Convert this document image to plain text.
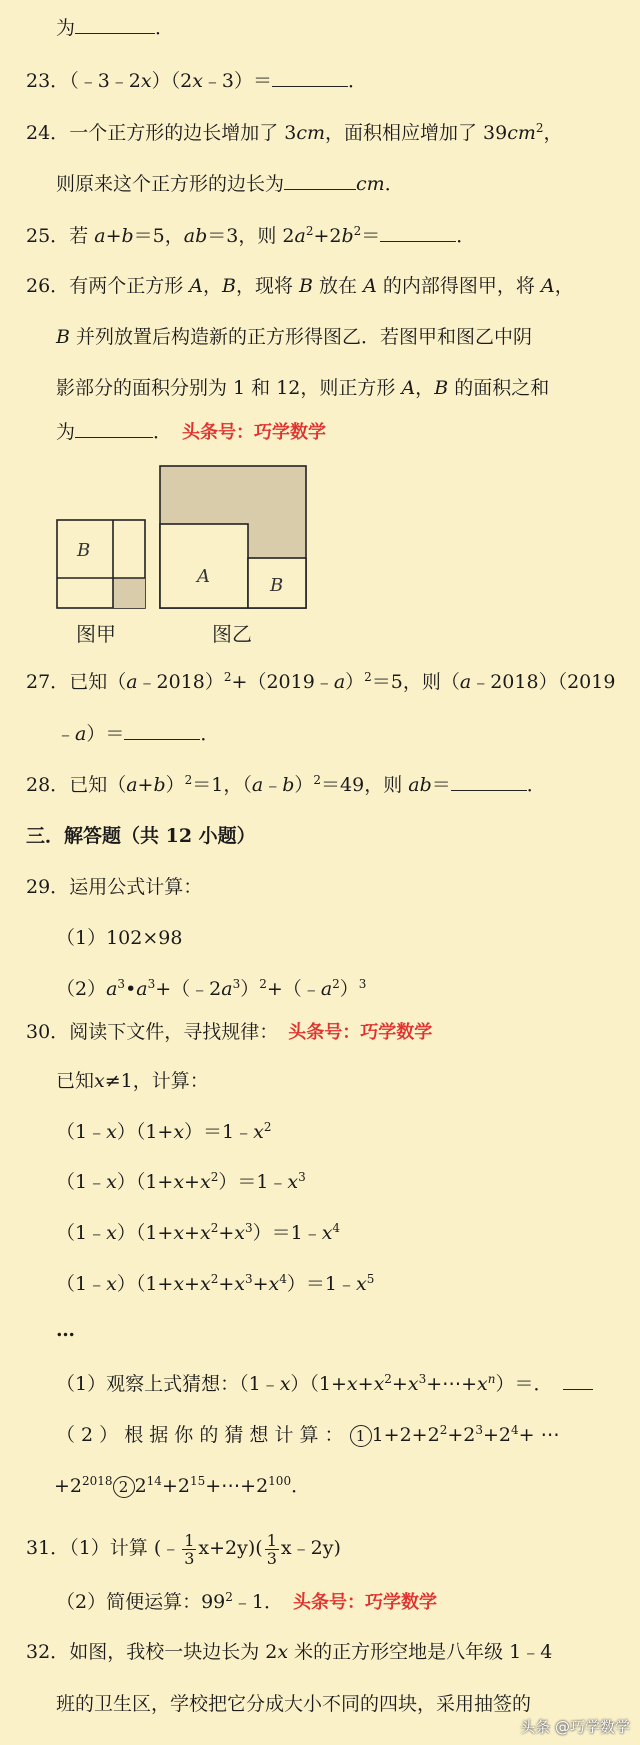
为	．
23．（﹣3﹣2x）（2x﹣3）＝	．
24．一个正方形的边长增加了 3cm，面积相应增加了 $39cm^2$，
则原来这个正方形的边长为	cm．
25．若 a+b＝5，ab＝3，则 $2a^2+2b^2=$	．
26．有两个正方形 A，B，现将 B 放在 A 的内部得图甲，将 A，
B 并列放置后构造新的正方形得图乙．若图甲和图乙中阴
影部分的面积分别为 1 和 12，则正方形 A，B 的面积之和
为	． 头条号：巧学数学
B
A	B
图甲	图乙
27．已知（a﹣2018）$^2$+（2019﹣a）$^2$＝5，则（a﹣2018）（2019
﹣a）＝	．
28．已知$(a+b)^2=1$，（a﹣b）$^2$＝49，则 ab＝	．
三．解答题（共 12 小题）
29．运用公式计算：
（1）102×98
$(2)a^3•a^3+(﹣2a^3)^2+(﹣a^2)^3$
30．阅读下文件，寻找规律： 头条号：巧学数学
已知x≠1，计算：
$(1﹣x)(1+x)=1﹣x^2$
$(1﹣x)(1+x+x^2)=1﹣x^3$
$(1﹣x)(1+x+x^2+x^3)=1﹣x^4$
$(1﹣x)(1+x+x^2+x^3+x^4)=1﹣x^5$
…
（1）观察上式猜想：$(1﹣x)(1+x+x^2+x^3+\cdots+x^n)=$．
（ 2 ） 根 据 你 的 猜 想 计 算 ： 1 $1+2+2^2+2^3+2^4+$ ⋯
$+2^{2018}$ 2 $2^{14}+2^{15}+\cdots+2^{100}$．
31．（1）计算 (﹣ $\frac{1}{3} x+2y)( \frac{1}{3}$ x﹣2y)
（2）简便运算：$99^2﹣1$． 头条号：巧学数学
32．如图，我校一块边长为 2x 米的正方形空地是八年级 1﹣4
班的卫生区，学校把它分成大小不同的四块，采用抽签的
头条 @巧学数学
